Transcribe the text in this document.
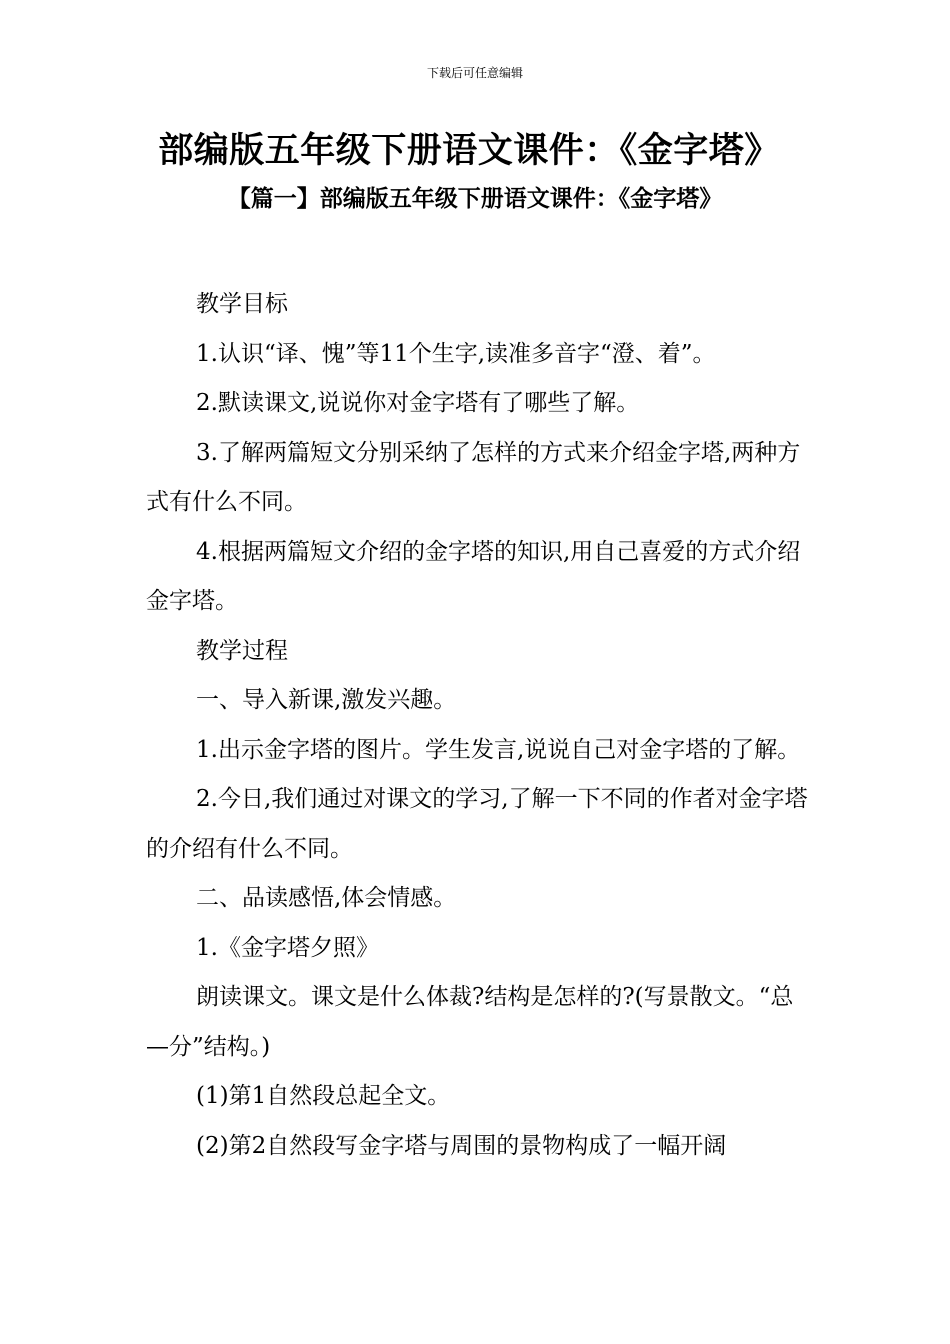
下载后可任意编辑
部编版五年级下册语文课件：《金字塔》
【篇一】部编版五年级下册语文课件：《金字塔》

教学目标

1.认识“译、愧”等11个生字,读准多音字“澄、着”。

2.默读课文,说说你对金字塔有了哪些了解。

3.了解两篇短文分别采纳了怎样的方式来介绍金字塔,两种方式有什么不同。

4.根据两篇短文介绍的金字塔的知识,用自己喜爱的方式介绍金字塔。

教学过程

一、导入新课,激发兴趣。

1.出示金字塔的图片。学生发言,说说自己对金字塔的了解。

2.今日,我们通过对课文的学习,了解一下不同的作者对金字塔的介绍有什么不同。

二、品读感悟,体会情感。

1.《金字塔夕照》

朗读课文。课文是什么体裁?结构是怎样的?(写景散文。“总—分”结构。)

(1)第1自然段总起全文。

(2)第2自然段写金字塔与周围的景物构成了一幅开阔
